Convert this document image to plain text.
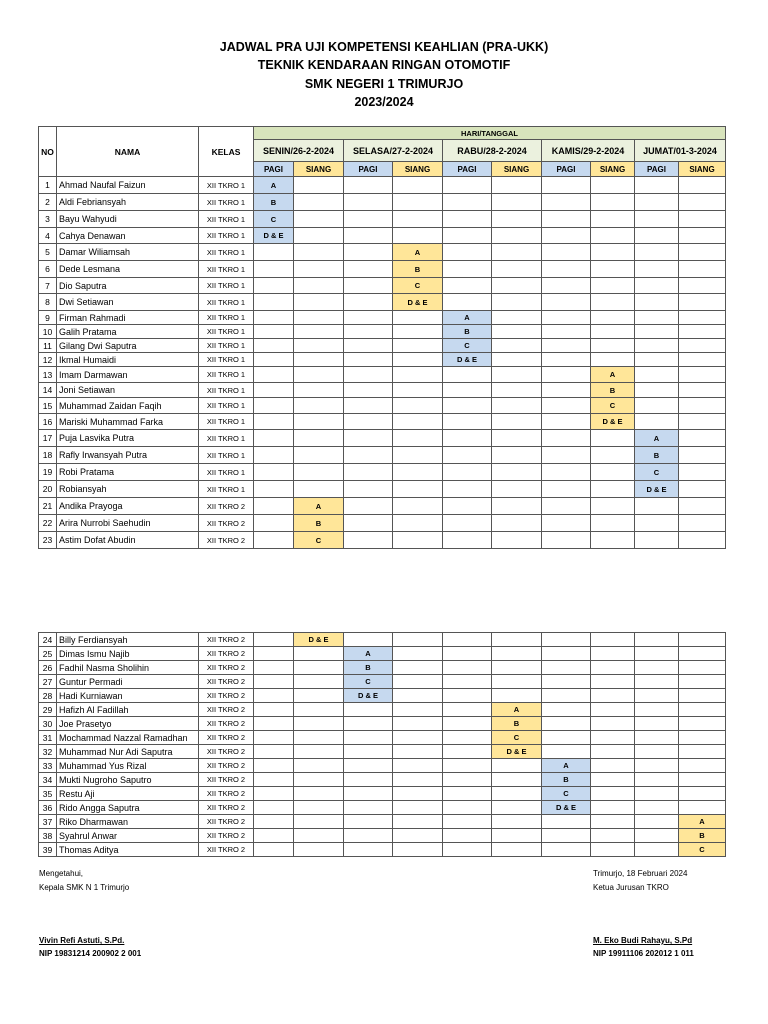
JADWAL PRA UJI KOMPETENSI KEAHLIAN (PRA-UKK)
TEKNIK KENDARAAN RINGAN OTOMOTIF
SMK NEGERI 1 TRIMURJO
2023/2024
NO	NAMA	KELAS	HARI/TANGGAL									
			SENIN/26-2-2024		SELASA/27-2-2024		RABU/28-2-2024		KAMIS/29-2-2024		JUMAT/01-3-2024	
			PAGI	SIANG	PAGI	SIANG	PAGI	SIANG	PAGI	SIANG	PAGI	SIANG
1	Ahmad Naufal Faizun	XII TKRO 1	A									
2	Aldi Febriansyah	XII TKRO 1	B									
3	Bayu Wahyudi	XII TKRO 1	C									
4	Cahya Denawan	XII TKRO 1	D & E									
5	Damar Wiliamsah	XII TKRO 1				A						
6	Dede Lesmana	XII TKRO 1				B						
7	Dio Saputra	XII TKRO 1				C						
8	Dwi Setiawan	XII TKRO 1				D & E						
9	Firman Rahmadi	XII TKRO 1					A					
10	Galih Pratama	XII TKRO 1					B					
11	Gilang Dwi Saputra	XII TKRO 1					C					
12	Ikmal Humaidi	XII TKRO 1					D & E					
13	Imam Darmawan	XII TKRO 1								A		
14	Joni Setiawan	XII TKRO 1								B		
15	Muhammad Zaidan Faqih	XII TKRO 1								C		
16	Mariski Muhammad Farka	XII TKRO 1								D & E		
17	Puja Lasvika Putra	XII TKRO 1									A	
18	Rafly Irwansyah Putra	XII TKRO 1									B	
19	Robi Pratama	XII TKRO 1									C	
20	Robiansyah	XII TKRO 1									D & E	
21	Andika Prayoga	XII TKRO 2		A								
22	Arira Nurrobi Saehudin	XII TKRO 2		B								
23	Astim Dofat Abudin	XII TKRO 2		C								
24	Billy Ferdiansyah	XII TKRO 2		D & E								
25	Dimas Ismu Najib	XII TKRO 2			A							
26	Fadhil Nasma Sholihin	XII TKRO 2			B							
27	Guntur Permadi	XII TKRO 2			C							
28	Hadi Kurniawan	XII TKRO 2			D & E							
29	Hafizh Al Fadillah	XII TKRO 2						A				
30	Joe Prasetyo	XII TKRO 2						B				
31	Mochammad Nazzal Ramadhan	XII TKRO 2						C				
32	Muhammad Nur Adi Saputra	XII TKRO 2						D & E				
33	Muhammad Yus Rizal	XII TKRO 2							A			
34	Mukti Nugroho Saputro	XII TKRO 2							B			
35	Restu Aji	XII TKRO 2							C			
36	Rido Angga Saputra	XII TKRO 2							D & E			
37	Riko Dharmawan	XII TKRO 2										A
38	Syahrul Anwar	XII TKRO 2										B
39	Thomas Aditya	XII TKRO 2										C
Mengetahui,
Kepala SMK N 1 Trimurjo
Vivin Refi Astuti, S.Pd.
NIP 19831214 200902 2 001
Trimurjo, 18 Februari 2024
Ketua Jurusan TKRO
M. Eko Budi Rahayu, S.Pd
NIP 19911106 202012 1 011
